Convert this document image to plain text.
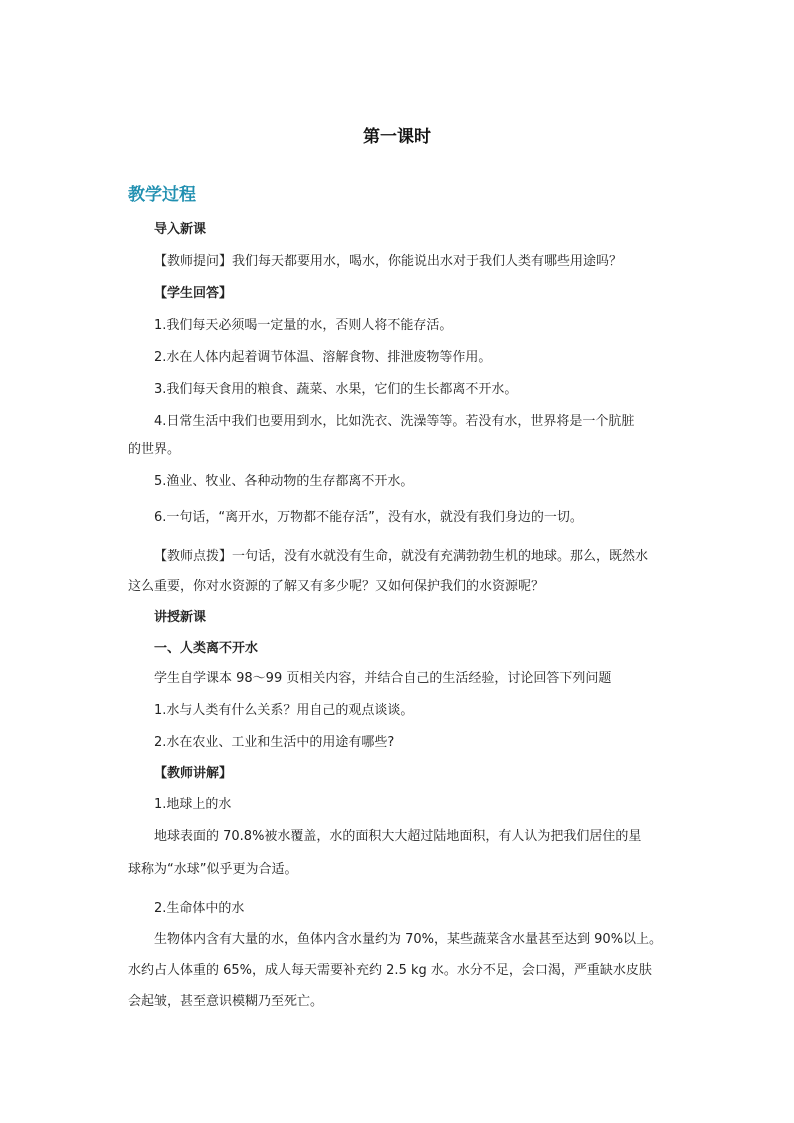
第一课时
教学过程
导入新课
【教师提问】我们每天都要用水，喝水，你能说出水对于我们人类有哪些用途吗？
【学生回答】
1.我们每天必须喝一定量的水，否则人将不能存活。
2.水在人体内起着调节体温、溶解食物、排泄废物等作用。
3.我们每天食用的粮食、蔬菜、水果，它们的生长都离不开水。
4.日常生活中我们也要用到水，比如洗衣、洗澡等等。若没有水，世界将是一个肮脏
的世界。
5.渔业、牧业、各种动物的生存都离不开水。
6.一句话，“离开水，万物都不能存活”，没有水，就没有我们身边的一切。
【教师点拨】一句话，没有水就没有生命，就没有充满勃勃生机的地球。那么，既然水
这么重要，你对水资源的了解又有多少呢？又如何保护我们的水资源呢？
讲授新课
一、人类离不开水
学生自学课本 98～99 页相关内容，并结合自己的生活经验，讨论回答下列问题
1.水与人类有什么关系？用自己的观点谈谈。
2.水在农业、工业和生活中的用途有哪些?
【教师讲解】
1.地球上的水
地球表面的 70.8%被水覆盖，水的面积大大超过陆地面积，有人认为把我们居住的星
球称为“水球”似乎更为合适。
2.生命体中的水
生物体内含有大量的水，鱼体内含水量约为 70%，某些蔬菜含水量甚至达到 90%以上。
水约占人体重的 65%，成人每天需要补充约 2.5 kg 水。水分不足，会口渴，严重缺水皮肤
会起皱，甚至意识模糊乃至死亡。
